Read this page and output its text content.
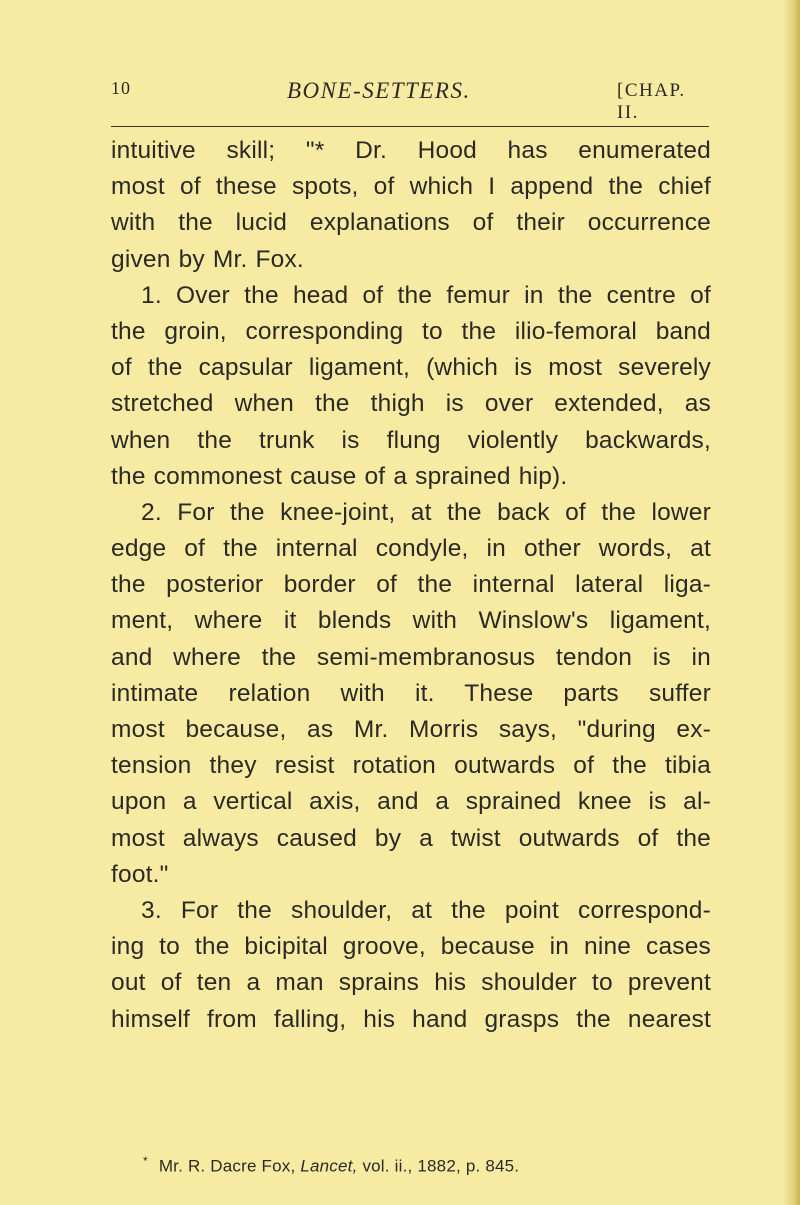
10	BONE-SETTERS.	[CHAP. II.
intuitive skill; "* Dr. Hood has enumerated
most of these spots, of which I append the chief
with the lucid explanations of their occurrence
given by Mr. Fox.
1. Over the head of the femur in the centre of
the groin, corresponding to the ilio-femoral band
of the capsular ligament, (which is most severely
stretched when the thigh is over extended, as
when the trunk is flung violently backwards,
the commonest cause of a sprained hip).
2. For the knee-joint, at the back of the lower
edge of the internal condyle, in other words, at
the posterior border of the internal lateral liga-
ment, where it blends with Winslow's ligament,
and where the semi-membranosus tendon is in
intimate relation with it. These parts suffer
most because, as Mr. Morris says, "during ex-
tension they resist rotation outwards of the tibia
upon a vertical axis, and a sprained knee is al-
most always caused by a twist outwards of the
foot."
3. For the shoulder, at the point correspond-
ing to the bicipital groove, because in nine cases
out of ten a man sprains his shoulder to prevent
himself from falling, his hand grasps the nearest
* Mr. R. Dacre Fox, Lancet, vol. ii., 1882, p. 845.
